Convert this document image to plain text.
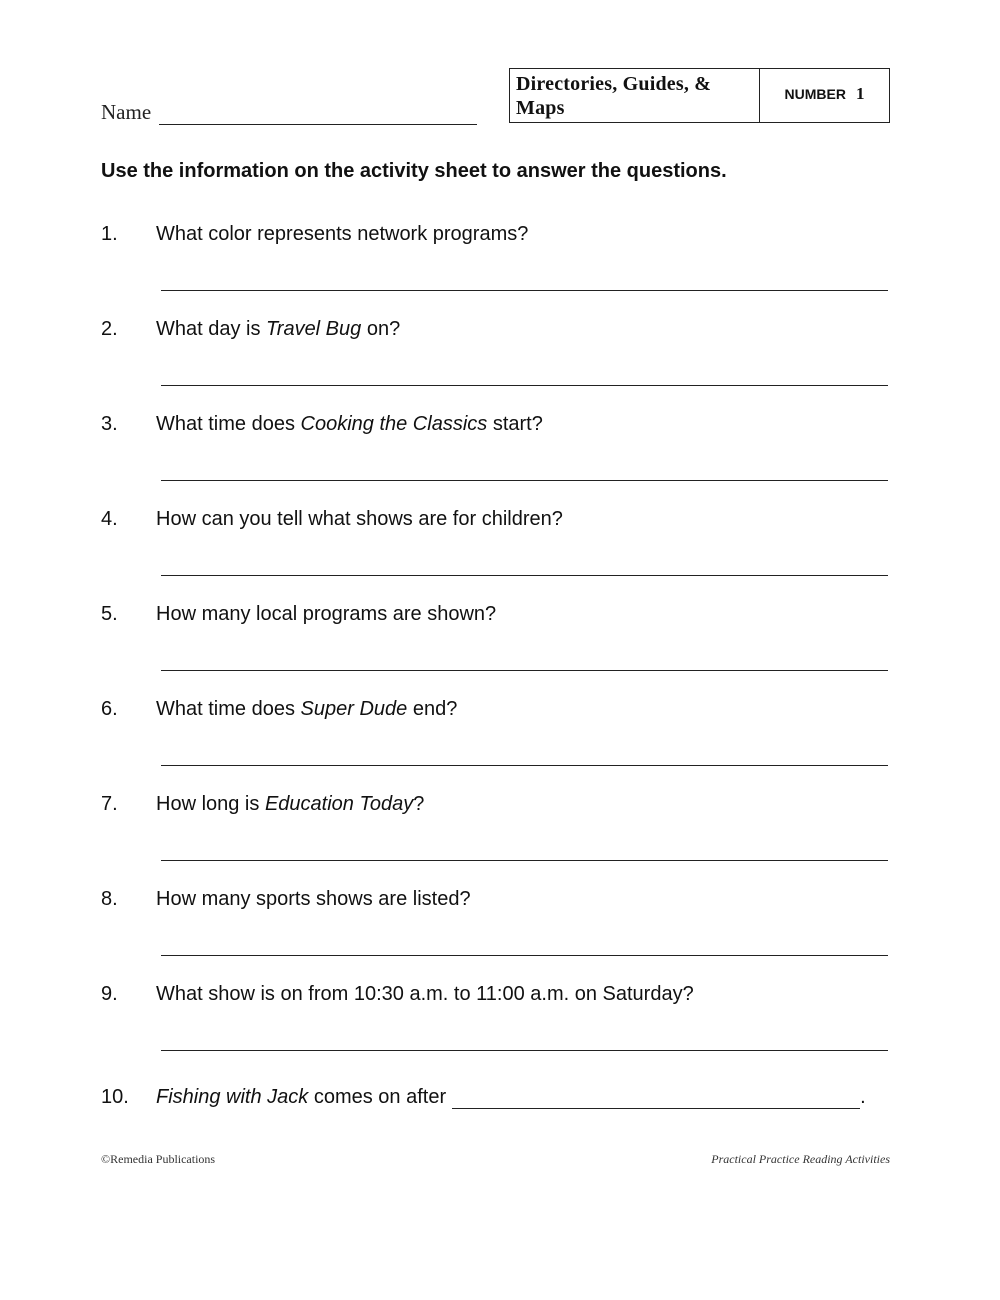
Name
Directories, Guides, & Maps
NUMBER 1
Use the information on the activity sheet to answer the questions.
1. What color represents network programs?
2. What day is Travel Bug on?
3. What time does Cooking the Classics start?
4. How can you tell what shows are for children?
5. How many local programs are shown?
6. What time does Super Dude end?
7. How long is Education Today?
8. How many sports shows are listed?
9. What show is on from 10:30 a.m. to 11:00 a.m. on Saturday?
10. Fishing with Jack comes on after	.
©Remedia Publications	Practical Practice Reading Activities
